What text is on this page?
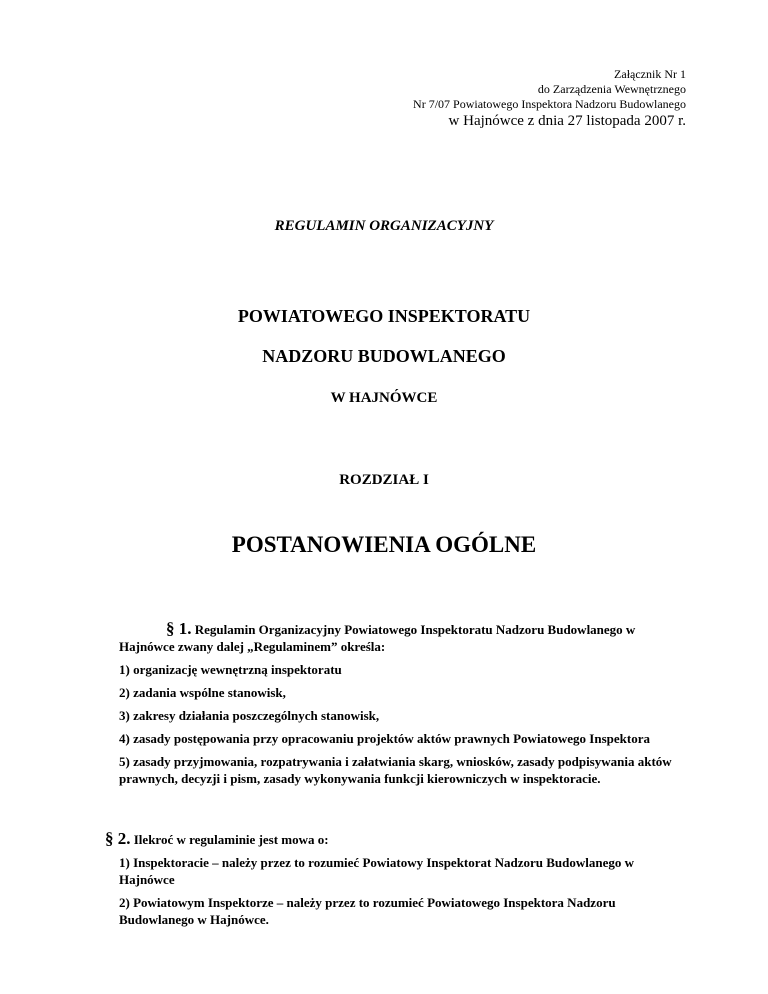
Załącznik Nr 1
do Zarządzenia Wewnętrznego
Nr 7/07 Powiatowego Inspektora Nadzoru Budowlanego
w Hajnówce z dnia 27 listopada 2007 r.
REGULAMIN ORGANIZACYJNY
POWIATOWEGO INSPEKTORATU
NADZORU BUDOWLANEGO
W HAJNÓWCE
ROZDZIAŁ I
POSTANOWIENIA OGÓLNE

§ 1. Regulamin Organizacyjny Powiatowego Inspektoratu Nadzoru Budowlanego w Hajnówce zwany dalej „Regulaminem” określa:

1) organizację wewnętrzną inspektoratu

2) zadania wspólne stanowisk,

3) zakresy działania poszczególnych stanowisk,

4) zasady postępowania przy opracowaniu projektów aktów prawnych Powiatowego Inspektora

5) zasady przyjmowania, rozpatrywania i załatwiania skarg, wniosków, zasady podpisywania aktów prawnych, decyzji i pism, zasady wykonywania funkcji kierowniczych w inspektoracie.

§ 2. Ilekroć w regulaminie jest mowa o:

1) Inspektoracie – należy przez to rozumieć Powiatowy Inspektorat Nadzoru Budowlanego w Hajnówce

2) Powiatowym Inspektorze – należy przez to rozumieć Powiatowego Inspektora Nadzoru Budowlanego w Hajnówce.
